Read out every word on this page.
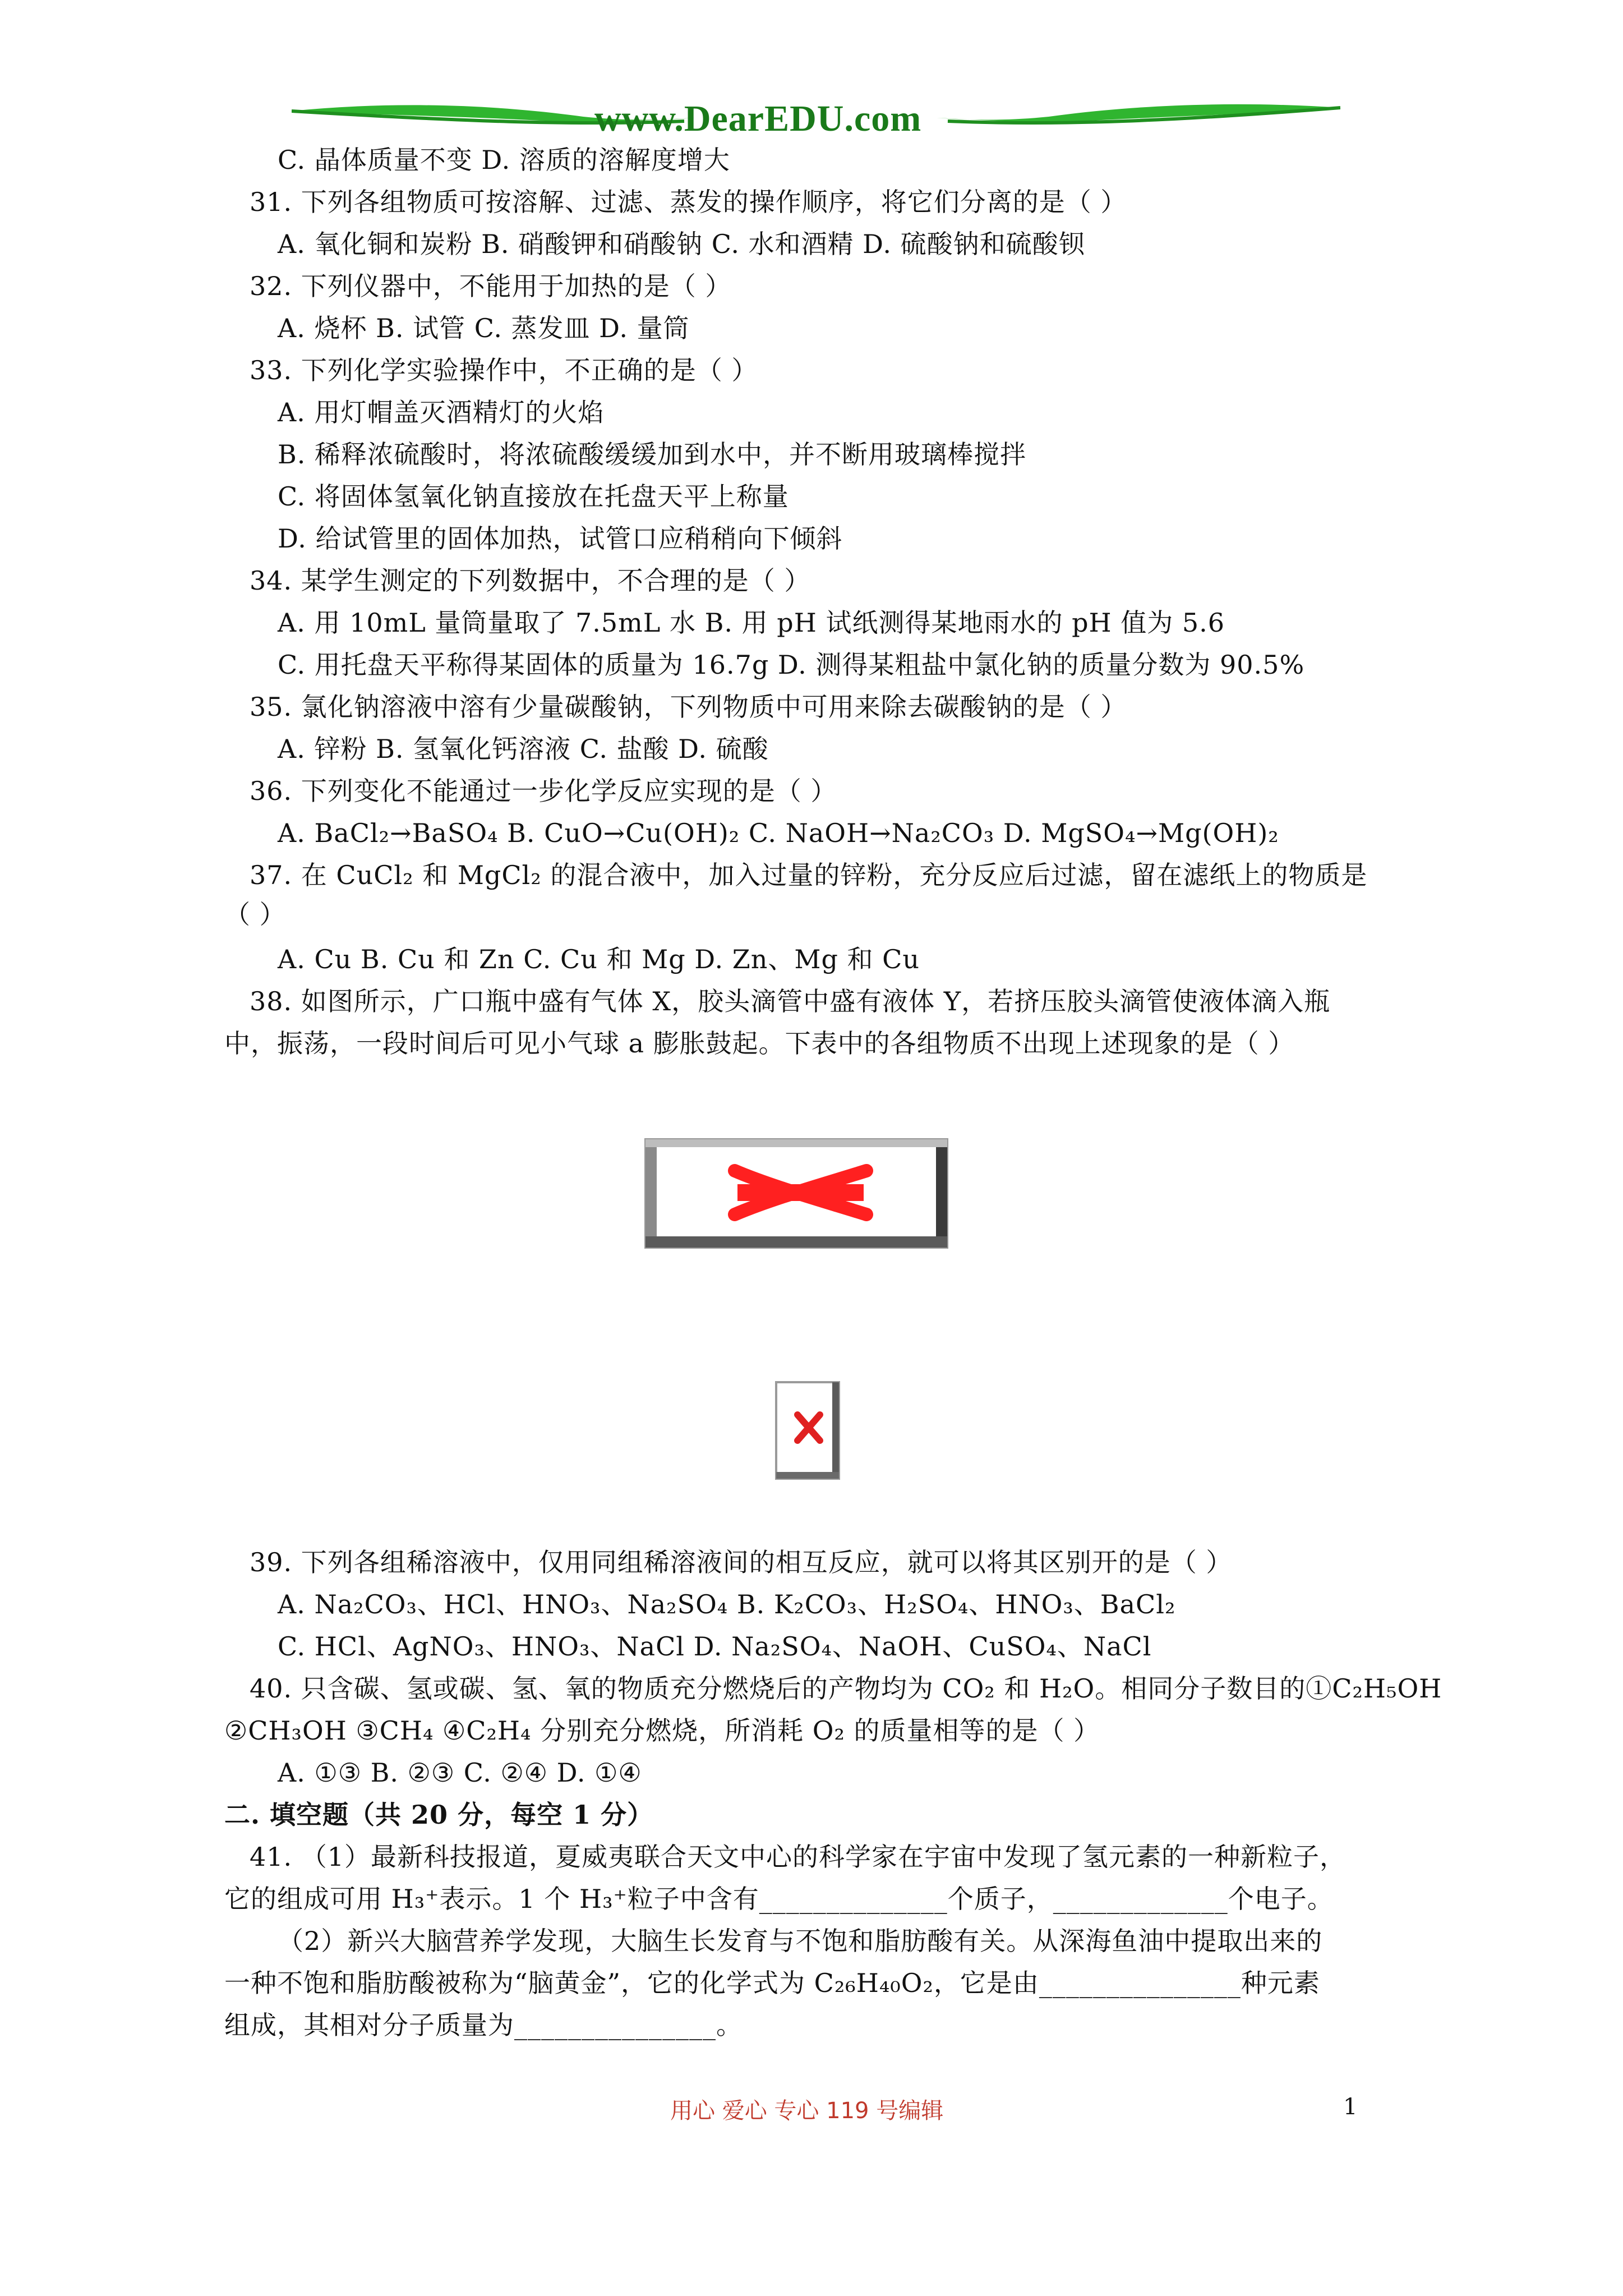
www.DearEDU.com
C. 晶体质量不变 D. 溶质的溶解度增大
31. 下列各组物质可按溶解、过滤、蒸发的操作顺序，将它们分离的是（ ）
A. 氧化铜和炭粉 B. 硝酸钾和硝酸钠 C. 水和酒精 D. 硫酸钠和硫酸钡
32. 下列仪器中，不能用于加热的是（ ）
A. 烧杯 B. 试管 C. 蒸发皿 D. 量筒
33. 下列化学实验操作中，不正确的是（ ）
A. 用灯帽盖灭酒精灯的火焰
B. 稀释浓硫酸时，将浓硫酸缓缓加到水中，并不断用玻璃棒搅拌
C. 将固体氢氧化钠直接放在托盘天平上称量
D. 给试管里的固体加热，试管口应稍稍向下倾斜
34. 某学生测定的下列数据中，不合理的是（ ）
A. 用 10mL 量筒量取了 7.5mL 水 B. 用 pH 试纸测得某地雨水的 pH 值为 5.6
C. 用托盘天平称得某固体的质量为 16.7g D. 测得某粗盐中氯化钠的质量分数为 90.5%
35. 氯化钠溶液中溶有少量碳酸钠，下列物质中可用来除去碳酸钠的是（ ）
A. 锌粉 B. 氢氧化钙溶液 C. 盐酸 D. 硫酸
36. 下列变化不能通过一步化学反应实现的是（ ）
A. BaCl₂→BaSO₄ B. CuO→Cu(OH)₂ C. NaOH→Na₂CO₃ D. MgSO₄→Mg(OH)₂
37. 在 CuCl₂ 和 MgCl₂ 的混合液中，加入过量的锌粉，充分反应后过滤，留在滤纸上的物质是
（ ）
A. Cu B. Cu 和 Zn C. Cu 和 Mg D. Zn、Mg 和 Cu
38. 如图所示，广口瓶中盛有气体 X，胶头滴管中盛有液体 Y，若挤压胶头滴管使液体滴入瓶
中，振荡，一段时间后可见小气球 a 膨胀鼓起。下表中的各组物质不出现上述现象的是（ ）
39. 下列各组稀溶液中，仅用同组稀溶液间的相互反应，就可以将其区别开的是（ ）
A. Na₂CO₃、HCl、HNO₃、Na₂SO₄ B. K₂CO₃、H₂SO₄、HNO₃、BaCl₂
C. HCl、AgNO₃、HNO₃、NaCl D. Na₂SO₄、NaOH、CuSO₄、NaCl
40. 只含碳、氢或碳、氢、氧的物质充分燃烧后的产物均为 CO₂ 和 H₂O。相同分子数目的①C₂H₅OH
②CH₃OH ③CH₄ ④C₂H₄ 分别充分燃烧，所消耗 O₂ 的质量相等的是（ ）
A. ①③ B. ②③ C. ②④ D. ①④
二. 填空题（共 20 分，每空 1 分）
41. （1）最新科技报道，夏威夷联合天文中心的科学家在宇宙中发现了氢元素的一种新粒子，
它的组成可用 H₃⁺表示。1 个 H₃⁺粒子中含有______________个质子，_____________个电子。
（2）新兴大脑营养学发现，大脑生长发育与不饱和脂肪酸有关。从深海鱼油中提取出来的
一种不饱和脂肪酸被称为“脑黄金”，它的化学式为 C₂₆H₄₀O₂，它是由_______________种元素
组成，其相对分子质量为_______________。
用心 爱心 专心 119 号编辑	1
